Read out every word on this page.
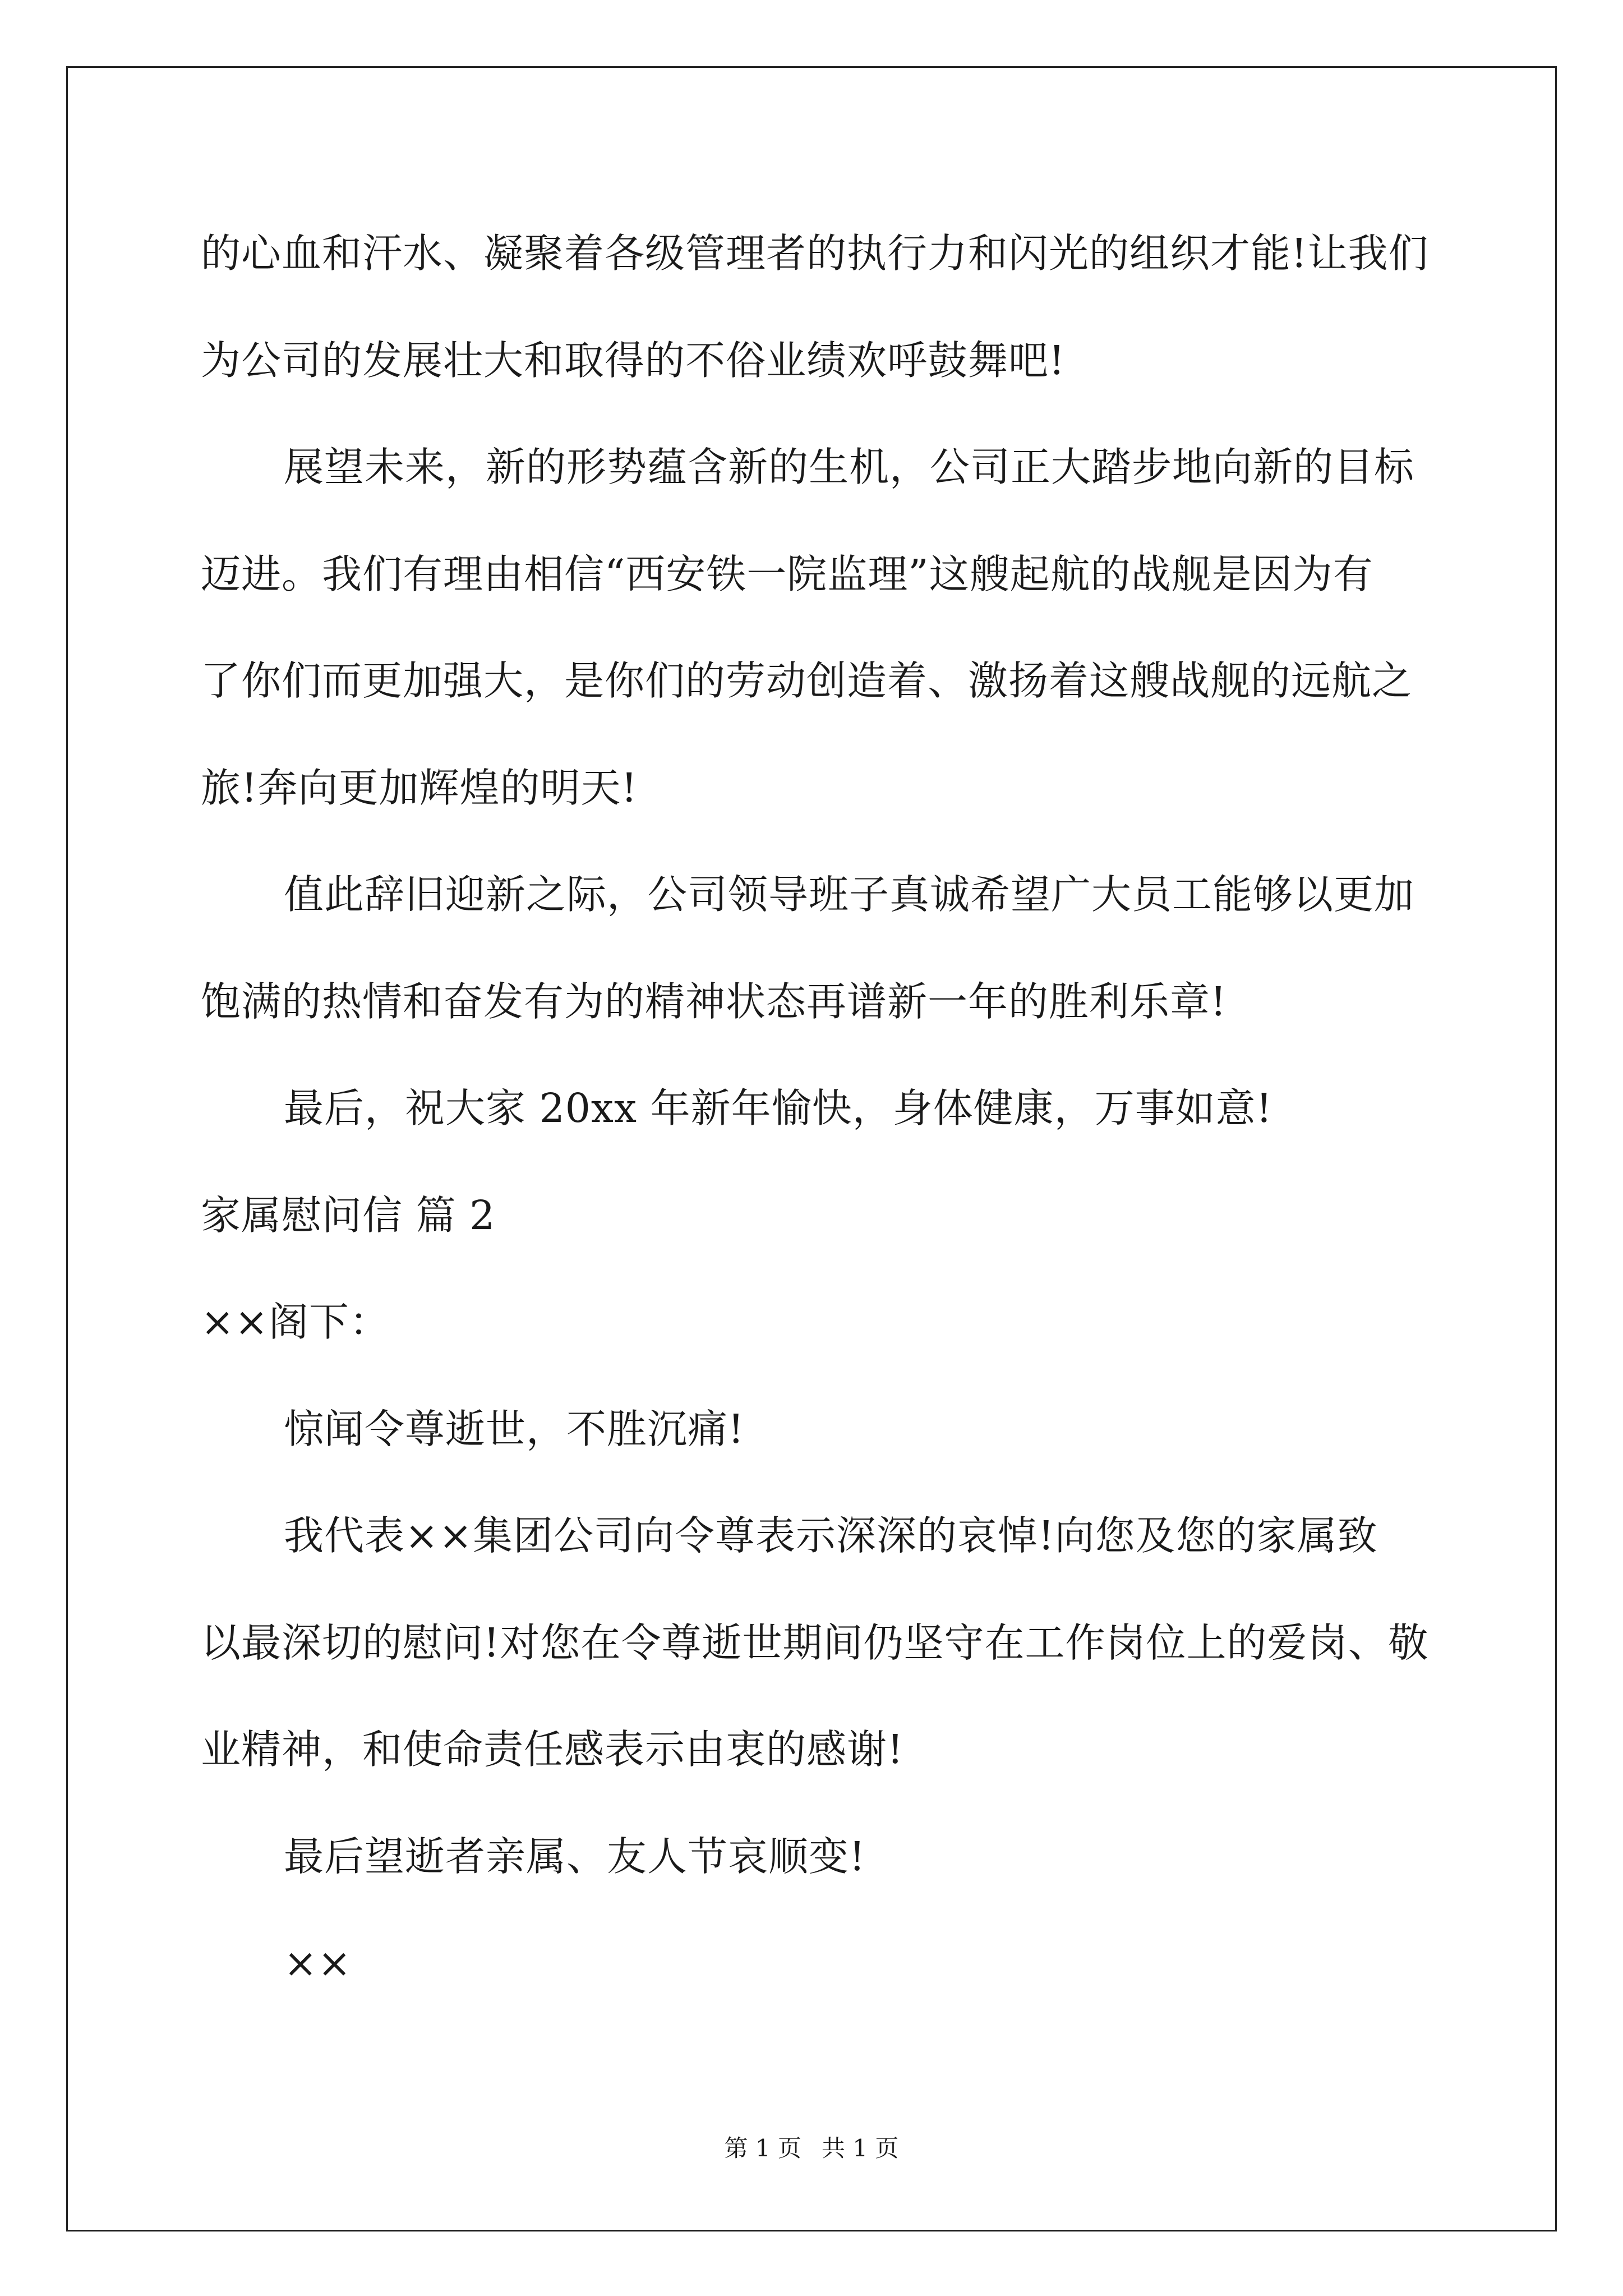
的心血和汗水、凝聚着各级管理者的执行力和闪光的组织才能!让我们
为公司的发展壮大和取得的不俗业绩欢呼鼓舞吧!
展望未来，新的形势蕴含新的生机，公司正大踏步地向新的目标
迈进。我们有理由相信“西安铁一院监理”这艘起航的战舰是因为有
了你们而更加强大，是你们的劳动创造着、激扬着这艘战舰的远航之
旅!奔向更加辉煌的明天!
值此辞旧迎新之际，公司领导班子真诚希望广大员工能够以更加
饱满的热情和奋发有为的精神状态再谱新一年的胜利乐章!
最后，祝大家 20xx 年新年愉快，身体健康，万事如意!
家属慰问信 篇 2
××阁下：
惊闻令尊逝世，不胜沉痛!
我代表××集团公司向令尊表示深深的哀悼!向您及您的家属致
以最深切的慰问!对您在令尊逝世期间仍坚守在工作岗位上的爱岗、敬
业精神，和使命责任感表示由衷的感谢!
最后望逝者亲属、友人节哀顺变!
××
第 1 页 共 1 页
